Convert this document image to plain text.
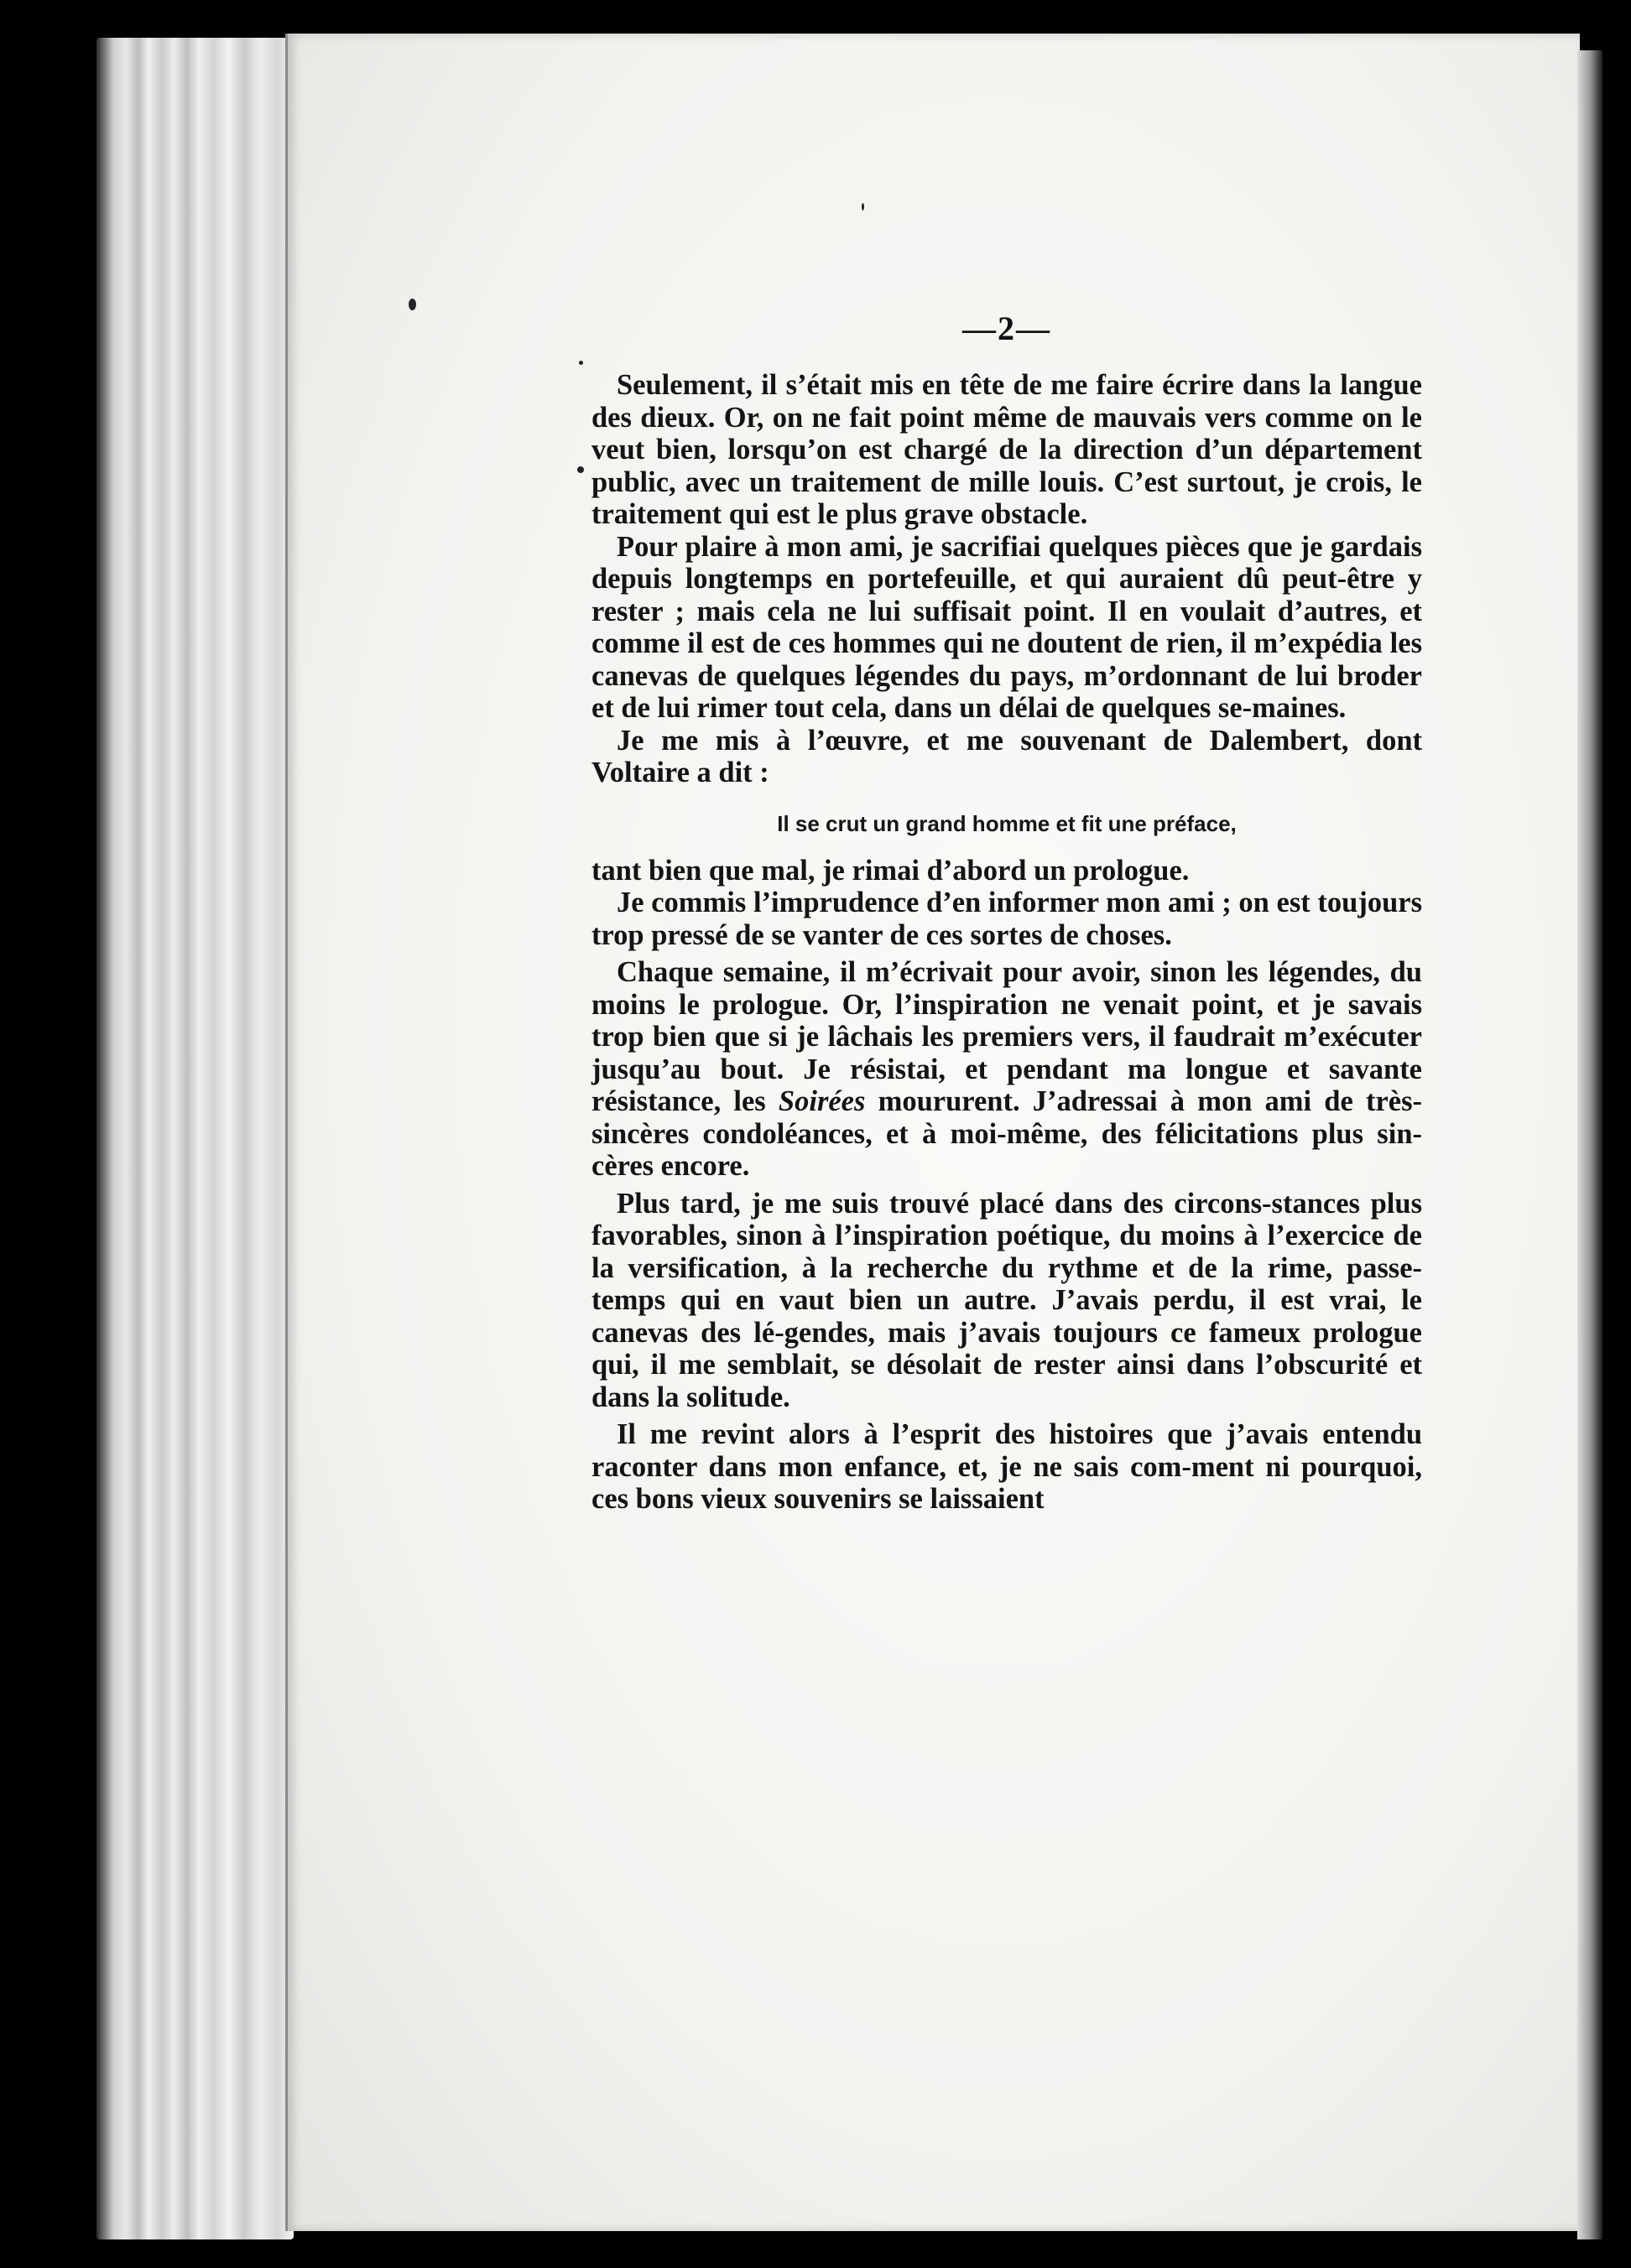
—2—

Seulement, il s’était mis en tête de me faire écrire dans la langue des dieux. Or, on ne fait point même de mauvais vers comme on le veut bien, lorsqu’on est chargé de la direction d’un département public, avec un traitement de mille louis. C’est surtout, je crois, le traitement qui est le plus grave obstacle.

Pour plaire à mon ami, je sacrifiai quelques pièces que je gardais depuis longtemps en portefeuille, et qui auraient dû peut-être y rester ; mais cela ne lui suffisait point. Il en voulait d’autres, et comme il est de ces hommes qui ne doutent de rien, il m’expédia les canevas de quelques légendes du pays, m’ordonnant de lui broder et de lui rimer tout cela, dans un délai de quelques se-maines.

Je me mis à l’œuvre, et me souvenant de Dalembert, dont Voltaire a dit :

Il se crut un grand homme et fit une préface,

tant bien que mal, je rimai d’abord un prologue.

Je commis l’imprudence d’en informer mon ami ; on est toujours trop pressé de se vanter de ces sortes de choses.

Chaque semaine, il m’écrivait pour avoir, sinon les légendes, du moins le prologue. Or, l’inspiration ne venait point, et je savais trop bien que si je lâchais les premiers vers, il faudrait m’exécuter jusqu’au bout. Je résistai, et pendant ma longue et savante résistance, les Soirées moururent. J’adressai à mon ami de très-sincères condoléances, et à moi-même, des félicitations plus sin-cères encore.

Plus tard, je me suis trouvé placé dans des circons-stances plus favorables, sinon à l’inspiration poétique, du moins à l’exercice de la versification, à la recherche du rythme et de la rime, passe-temps qui en vaut bien un autre. J’avais perdu, il est vrai, le canevas des lé-gendes, mais j’avais toujours ce fameux prologue qui, il me semblait, se désolait de rester ainsi dans l’obscurité et dans la solitude.

Il me revint alors à l’esprit des histoires que j’avais entendu raconter dans mon enfance, et, je ne sais com-ment ni pourquoi, ces bons vieux souvenirs se laissaient
